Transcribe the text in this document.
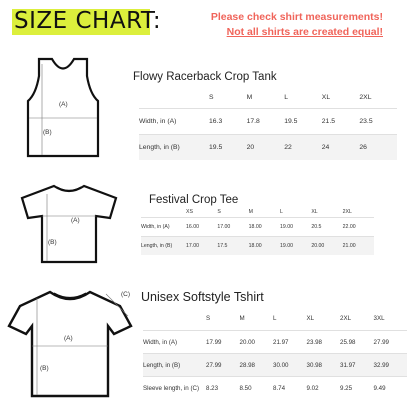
SIZE CHART:	Please check shirt measurements!
Not all shirts are created equal!
(A)
(B)
Flowy Racerback Crop Tank
	S	M	L	XL	2XL
Width, in (A)	16.3	17.8	19.5	21.5	23.5
Length, in (B)	19.5	20	22	24	26
(A)
(B)
Festival Crop Tee
	XS	S	M	L	XL	2XL
Width, in (A)	16.00	17.00	18.00	19.00	20.5	22.00
Length, in (B)	17.00	17.5	18.00	19.00	20.00	21.00
(A)
(B)
(C) Unisex Softstyle Tshirt
	S	M	L	XL	2XL	3XL
Width, in (A)	17.99	20.00	21.97	23.98	25.98	27.99
Length, in (B)	27.99	28.98	30.00	30.98	31.97	32.99
Sleeve length, in (C)	8.23	8.50	8.74	9.02	9.25	9.49
